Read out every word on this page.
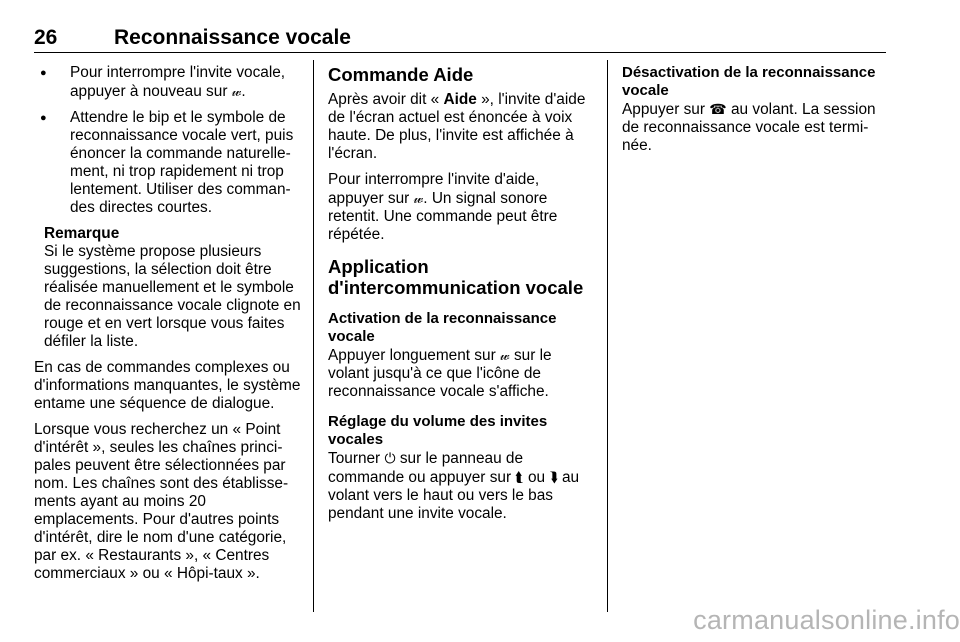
26	Reconnaissance vocale
● Pour interrompre l'invite vocale, appuyer à nouveau sur 𝓌.
● Attendre le bip et le symbole de reconnaissance vocale vert, puis énoncer la commande naturelle-ment, ni trop rapidement ni trop lentement. Utiliser des comman-des directes courtes.
Remarque
Si le système propose plusieurs suggestions, la sélection doit être réalisée manuellement et le symbole de reconnaissance vocale clignote en rouge et en vert lorsque vous faites défiler la liste.

En cas de commandes complexes ou d'informations manquantes, le système entame une séquence de dialogue.

Lorsque vous recherchez un « Point d'intérêt », seules les chaînes princi-pales peuvent être sélectionnées par nom. Les chaînes sont des établisse-ments ayant au moins 20 emplacements. Pour d'autres points d'intérêt, dire le nom d'une catégorie, par ex. « Restaurants », « Centres commerciaux » ou « Hôpi-taux ».

Commande Aide

Après avoir dit « Aide », l'invite d'aide de l'écran actuel est énoncée à voix haute. De plus, l'invite est affichée à l'écran.

Pour interrompre l'invite d'aide, appuyer sur 𝓌. Un signal sonore retentit. Une commande peut être répétée.

Application d'intercommunication vocale
Activation de la reconnaissance vocale

Appuyer longuement sur 𝓌 sur le volant jusqu'à ce que l'icône de reconnaissance vocale s'affiche.

Réglage du volume des invites vocales

Tourner ⏻ sur le panneau de commande ou appuyer sur ⮬ ou ⮯ au volant vers le haut ou vers le bas pendant une invite vocale.

Désactivation de la reconnaissance vocale

Appuyer sur ☎ au volant. La session de reconnaissance vocale est termi-née.

carmanualsonline.info
